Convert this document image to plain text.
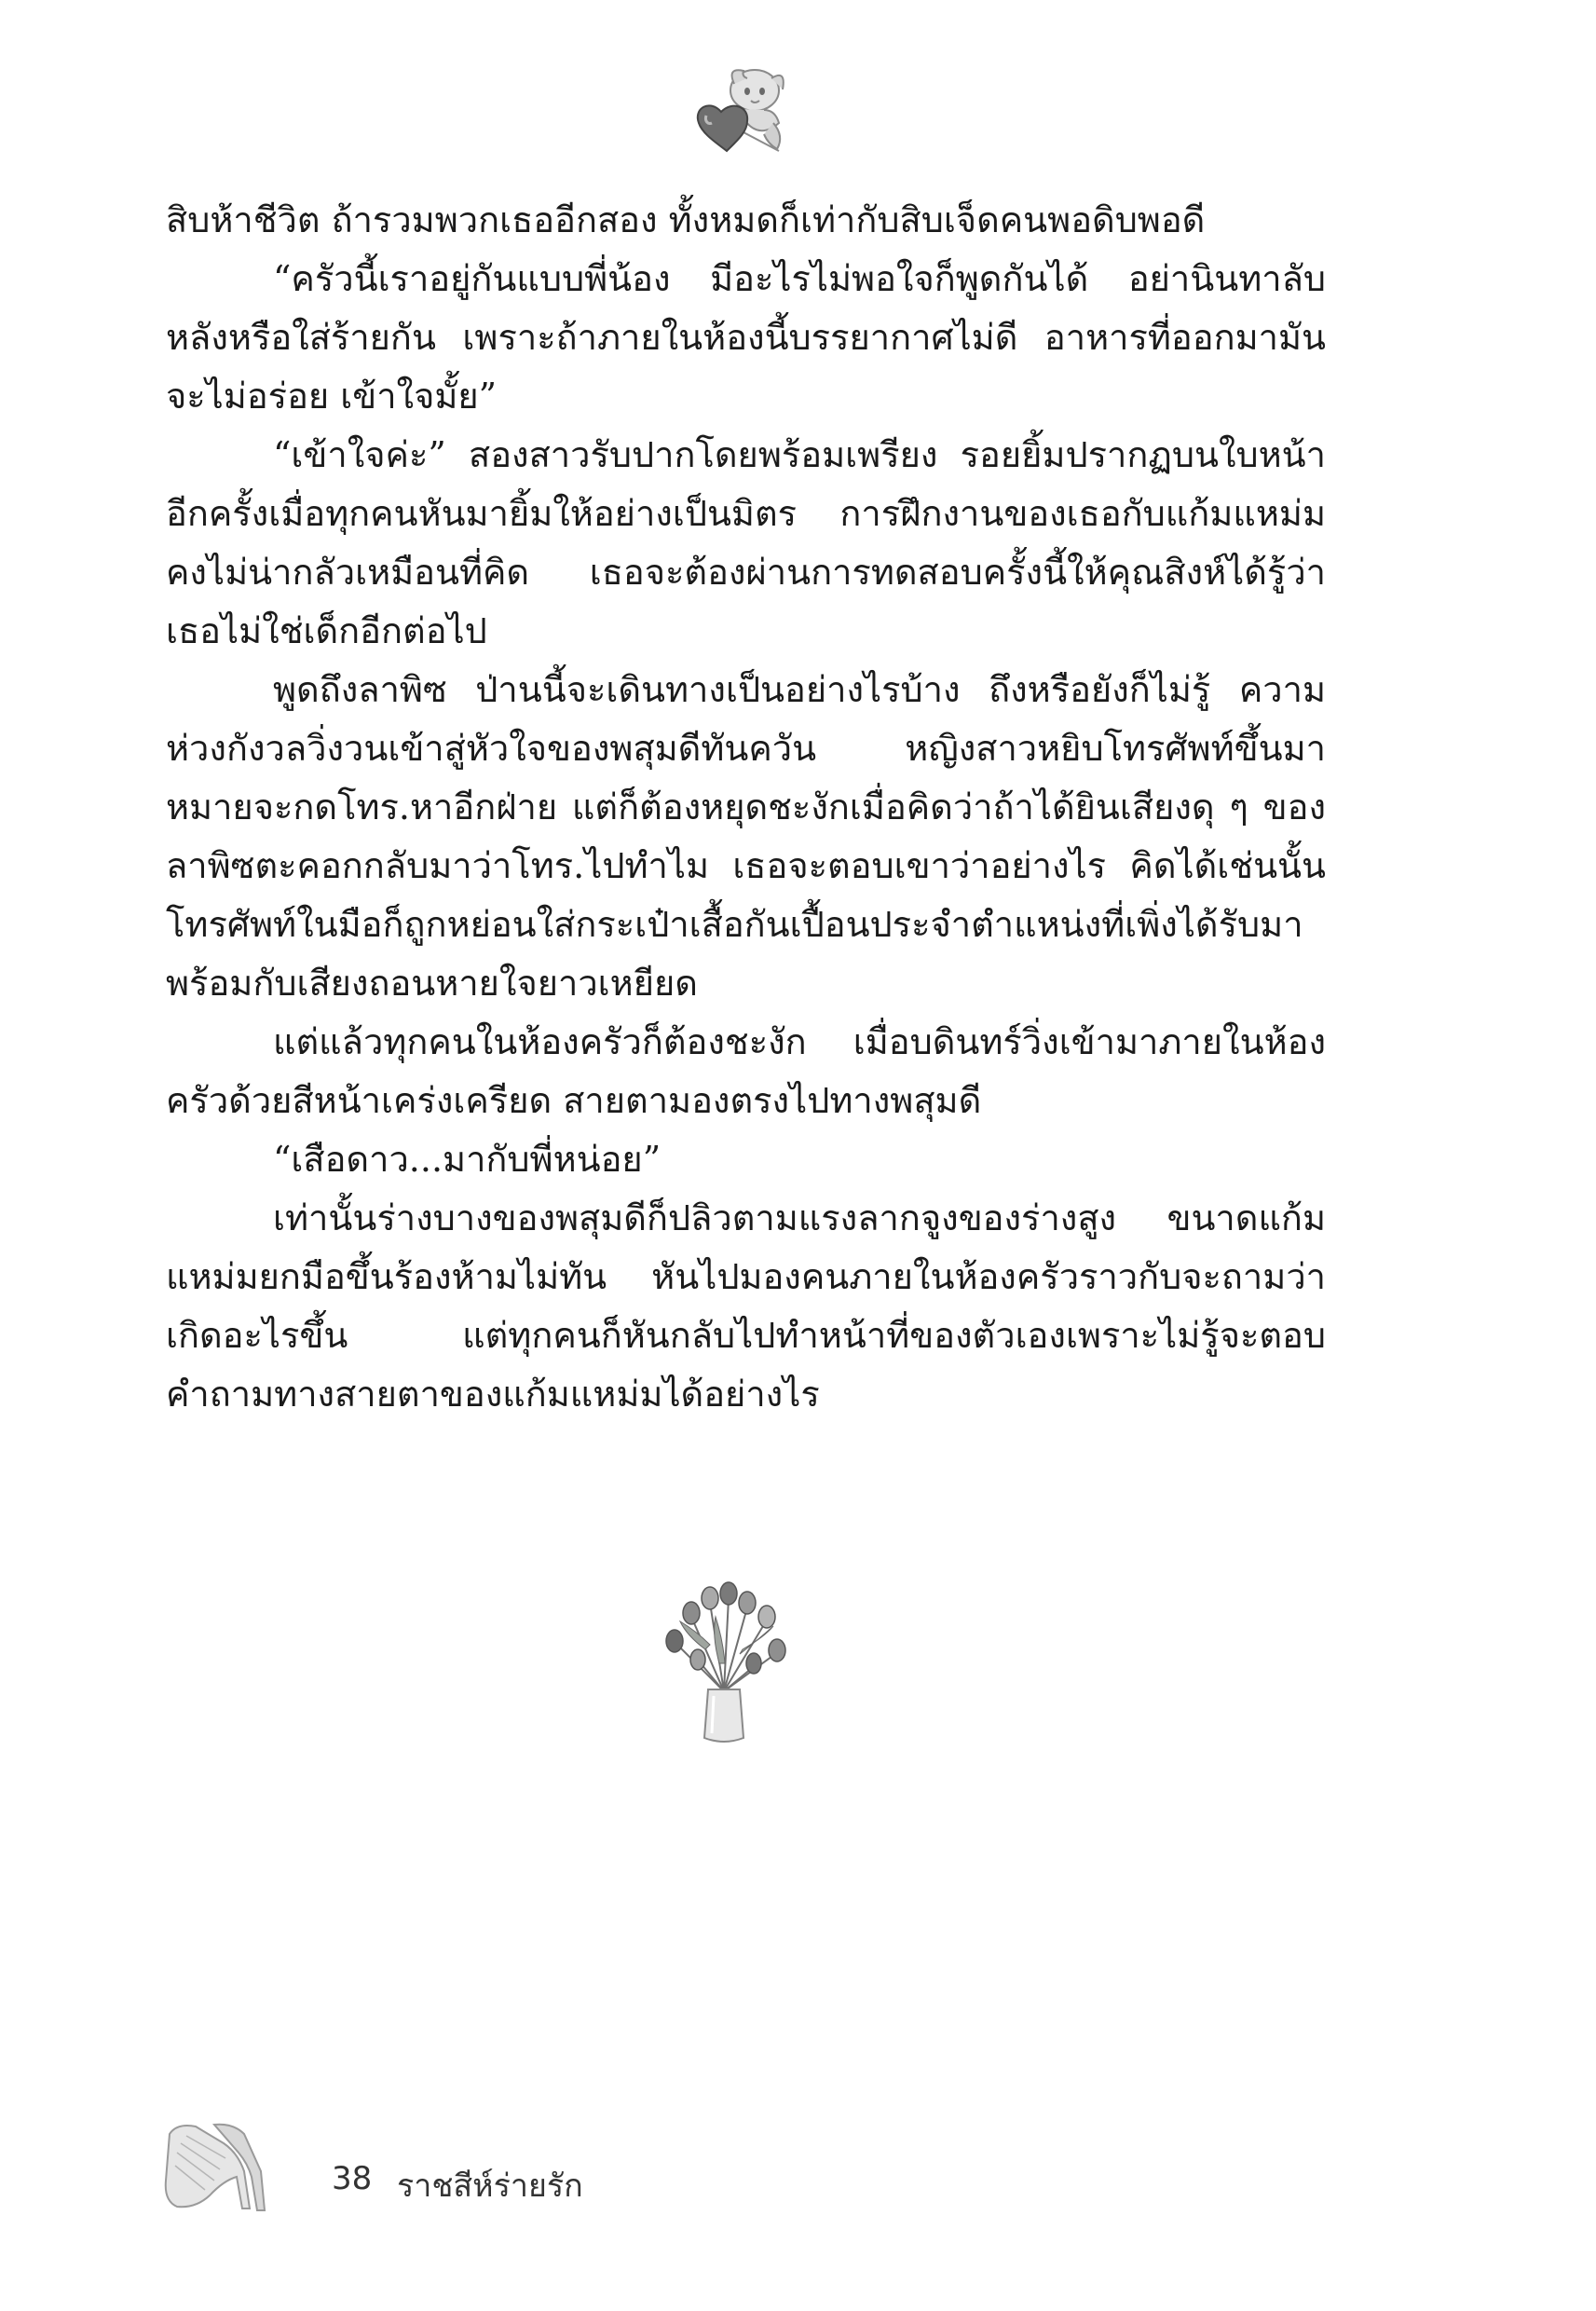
สิบห้าชีวิต ถ้ารวมพวกเธออีกสอง ทั้งหมดก็เท่ากับสิบเจ็ดคนพอดิบพอดี

“ครัวนี้เราอยู่กันแบบพี่น้อง มีอะไรไม่พอใจก็พูดกันได้ อย่านินทาลับหลังหรือใส่ร้ายกัน เพราะถ้าภายในห้องนี้บรรยากาศไม่ดี อาหารที่ออกมามันจะไม่อร่อย เข้าใจมั้ย”

“เข้าใจค่ะ” สองสาวรับปากโดยพร้อมเพรียง รอยยิ้มปรากฏบนใบหน้าอีกครั้งเมื่อทุกคนหันมายิ้มให้อย่างเป็นมิตร การฝึกงานของเธอกับแก้มแหม่มคงไม่น่ากลัวเหมือนที่คิด เธอจะต้องผ่านการทดสอบครั้งนี้ให้คุณสิงห์ได้รู้ว่าเธอไม่ใช่เด็กอีกต่อไป

พูดถึงลาพิซ ป่านนี้จะเดินทางเป็นอย่างไรบ้าง ถึงหรือยังก็ไม่รู้ ความห่วงกังวลวิ่งวนเข้าสู่หัวใจของพสุมดีทันควัน หญิงสาวหยิบโทรศัพท์ขึ้นมา หมายจะกดโทร.หาอีกฝ่าย แต่ก็ต้องหยุดชะงักเมื่อคิดว่าถ้าได้ยินเสียงดุ ๆ ของลาพิซตะคอกกลับมาว่าโทร.ไปทำไม เธอจะตอบเขาว่าอย่างไร คิดได้เช่นนั้น โทรศัพท์ในมือก็ถูกหย่อนใส่กระเป๋าเสื้อกันเปื้อนประจำตำแหน่งที่เพิ่งได้รับมา พร้อมกับเสียงถอนหายใจยาวเหยียด

แต่แล้วทุกคนในห้องครัวก็ต้องชะงัก เมื่อบดินทร์วิ่งเข้ามาภายในห้องครัวด้วยสีหน้าเคร่งเครียด สายตามองตรงไปทางพสุมดี

“เสือดาว...มากับพี่หน่อย”

เท่านั้นร่างบางของพสุมดีก็ปลิวตามแรงลากจูงของร่างสูง ขนาดแก้มแหม่มยกมือขึ้นร้องห้ามไม่ทัน หันไปมองคนภายในห้องครัวราวกับจะถามว่าเกิดอะไรขึ้น แต่ทุกคนก็หันกลับไปทำหน้าที่ของตัวเองเพราะไม่รู้จะตอบคำถามทางสายตาของแก้มแหม่มได้อย่างไร

38 ราชสีห์ร่ายรัก
